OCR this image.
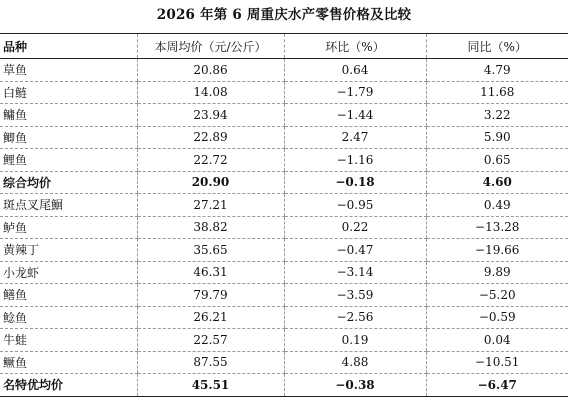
2026 年第 6 周重庆水产零售价格及比较
品种	本周均价（元/公斤）	环比（%）	同比（%）
草鱼	20.86	0.64	4.79
白鲢	14.08	−1.79	11.68
鳙鱼	23.94	−1.44	3.22
鲫鱼	22.89	2.47	5.90
鲤鱼	22.72	−1.16	0.65
综合均价	20.90	−0.18	4.60
斑点叉尾鮰	27.21	−0.95	0.49
鲈鱼	38.82	0.22	−13.28
黄辣丁	35.65	−0.47	−19.66
小龙虾	46.31	−3.14	9.89
鳝鱼	79.79	−3.59	−5.20
鲶鱼	26.21	−2.56	−0.59
牛蛙	22.57	0.19	0.04
鳜鱼	87.55	4.88	−10.51
名特优均价	45.51	−0.38	−6.47
